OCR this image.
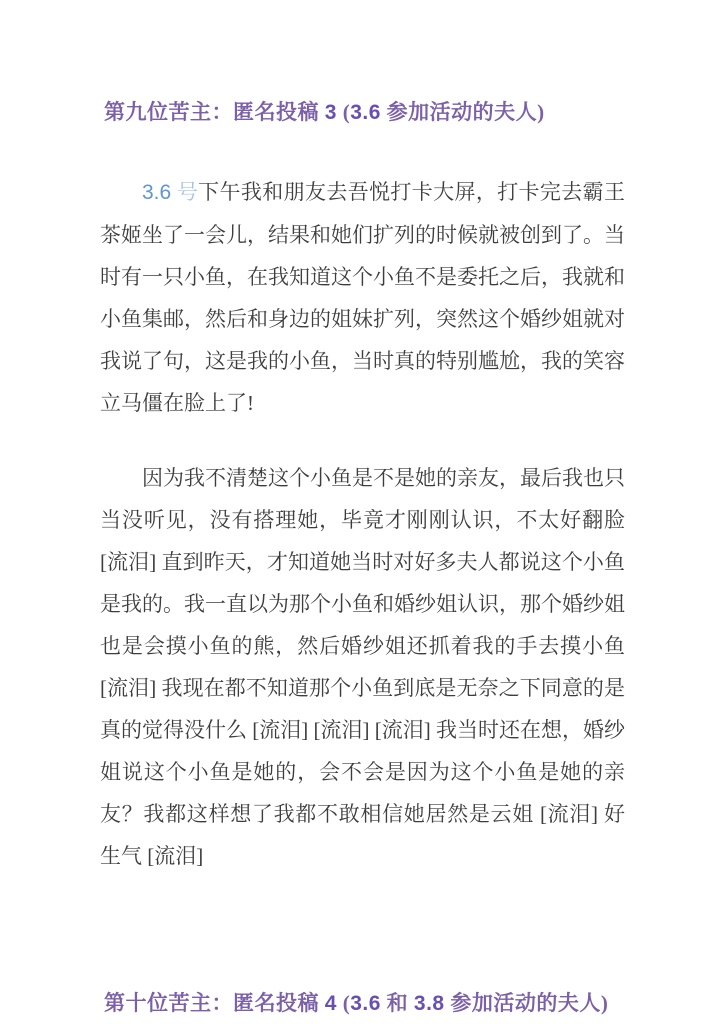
第九位苦主：匿名投稿 3 (3.6 参加活动的夫人)

3.6 号下午我和朋友去吾悦打卡大屏，打卡完去霸王茶姬坐了一会儿，结果和她们扩列的时候就被创到了。当时有一只小鱼，在我知道这个小鱼不是委托之后，我就和小鱼集邮，然后和身边的姐妹扩列，突然这个婚纱姐就对我说了句，这是我的小鱼，当时真的特别尴尬，我的笑容立马僵在脸上了!

因为我不清楚这个小鱼是不是她的亲友，最后我也只当没听见，没有搭理她，毕竟才刚刚认识，不太好翻脸 [流泪] 直到昨天，才知道她当时对好多夫人都说这个小鱼是我的。我一直以为那个小鱼和婚纱姐认识，那个婚纱姐也是会摸小鱼的熊，然后婚纱姐还抓着我的手去摸小鱼 [流泪] 我现在都不知道那个小鱼到底是无奈之下同意的是真的觉得没什么 [流泪] [流泪] [流泪] 我当时还在想，婚纱姐说这个小鱼是她的，会不会是因为这个小鱼是她的亲友？我都这样想了我都不敢相信她居然是云姐 [流泪] 好生气 [流泪]

第十位苦主：匿名投稿 4 (3.6 和 3.8 参加活动的夫人)
